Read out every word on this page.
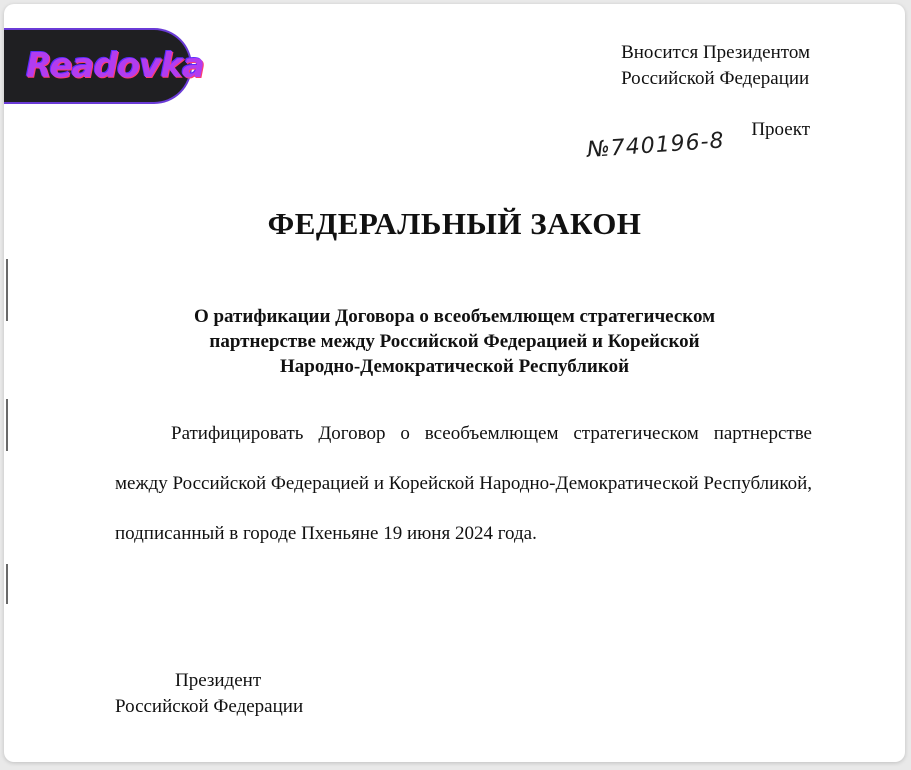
Readovka	Вносится Президентом
Российской Федерации
Проект
№740196-8
ФЕДЕРАЛЬНЫЙ ЗАКОН
О ратификации Договора о всеобъемлющем стратегическом
партнерстве между Российской Федерацией и Корейской
Народно-Демократической Республикой

Ратифицировать Договор о всеобъемлющем стратегическом партнерстве между Российской Федерацией и Корейской Народно-Демократической Республикой, подписанный в городе Пхеньяне 19 июня 2024 года.

Президент
Российской Федерации
